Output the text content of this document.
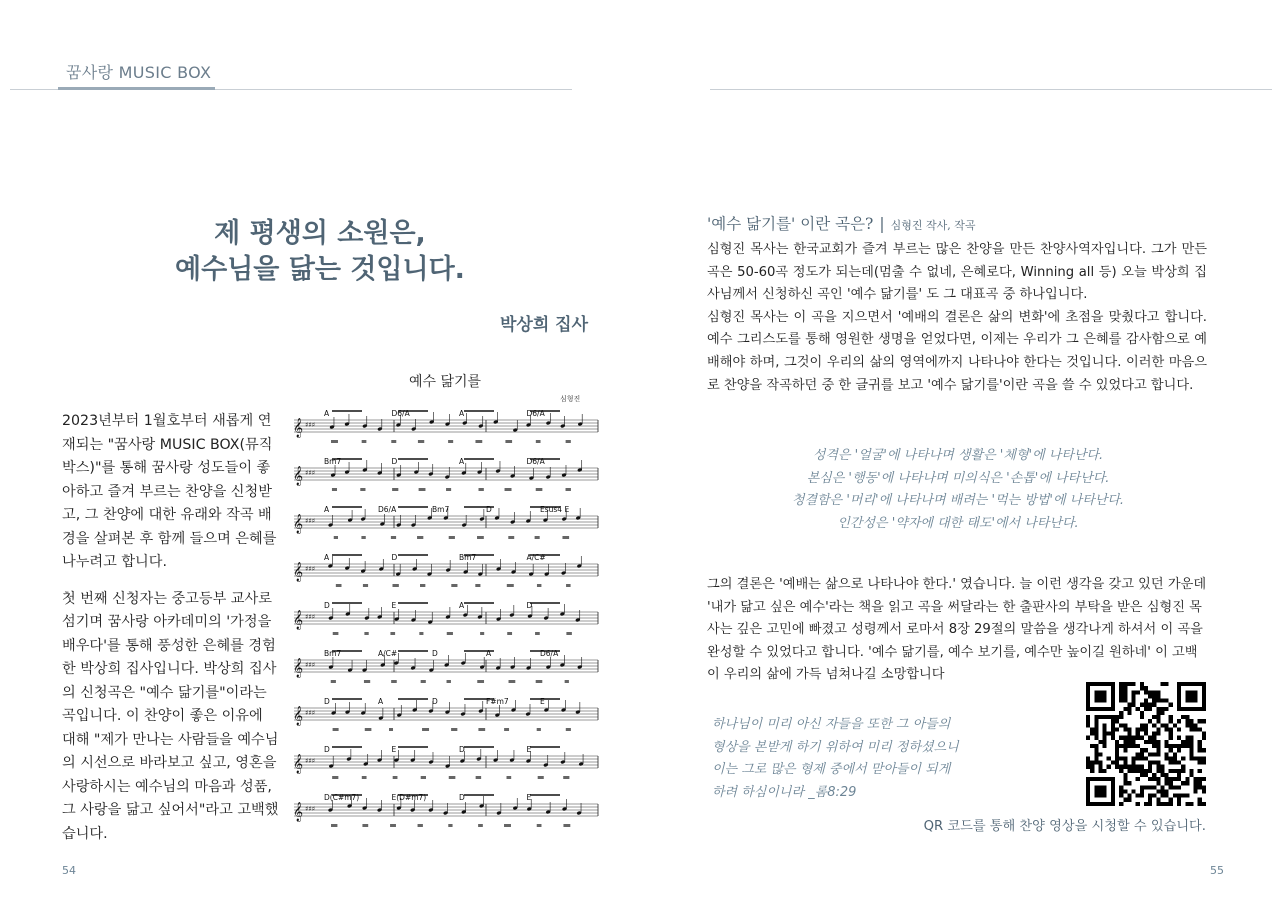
꿈사랑 MUSIC BOX
제 평생의 소원은,
예수님을 닮는 것입니다.
박상희 집사

2023년부터 1월호부터 새롭게 연재되는 "꿈사랑 MUSIC BOX(뮤직박스)"를 통해 꿈사랑 성도들이 좋아하고 즐겨 부르는 찬양을 신청받고, 그 찬양에 대한 유래와 작곡 배경을 살펴본 후 함께 들으며 은혜를 나누려고 합니다.

첫 번째 신청자는 중고등부 교사로 섬기며 꿈사랑 아카데미의 '가정을 배우다'를 통해 풍성한 은혜를 경험한 박상희 집사입니다. 박상희 집사의 신청곡은 "예수 닮기를"이라는 곡입니다. 이 찬양이 좋은 이유에 대해 "제가 만나는 사람들을 예수님의 시선으로 바라보고 싶고, 영혼을 사랑하시는 예수님의 마음과 성품, 그 사랑을 닮고 싶어서"라고 고백했습니다.

예수 닮기를
심형진
𝄞 ♯♯♯
A	D6/A	A	D6/A
𝄞 ♯♯♯
Bm7	D	A	D6/A
𝄞 ♯♯♯
A	D6/A	Bm7	D	Esus4 E
𝄞 ♯♯♯
A	D	Bm7	A/C#
𝄞 ♯♯♯
D	E	A	D
𝄞 ♯♯♯
Bm7	A/C#	D	A	D6/A
𝄞 ♯♯♯
D	A	D	F#m7	E
𝄞 ♯♯♯
D	E	D	E
𝄞 ♯♯♯
D(C#m7)	E(D#m7)	D	E
'예수 닮기를' 이란 곡은? | 심형진 작사, 작곡

심형진 목사는 한국교회가 즐겨 부르는 많은 찬양을 만든 찬양사역자입니다. 그가 만든 곡은 50-60곡 정도가 되는데(멈출 수 없네, 은혜로다, Winning all 등) 오늘 박상희 집사님께서 신청하신 곡인 '예수 닮기를' 도 그 대표곡 중 하나입니다.

심형진 목사는 이 곡을 지으면서 '예배의 결론은 삶의 변화'에 초점을 맞췄다고 합니다. 예수 그리스도를 통해 영원한 생명을 얻었다면, 이제는 우리가 그 은혜를 감사함으로 예배해야 하며, 그것이 우리의 삶의 영역에까지 나타나야 한다는 것입니다. 이러한 마음으로 찬양을 작곡하던 중 한 글귀를 보고 '예수 닮기를'이란 곡을 쓸 수 있었다고 합니다.

성격은 '얼굴'에 나타나며 생활은 '체형'에 나타난다.
본심은 '행동'에 나타나며 미의식은 '손톱'에 나타난다.
청결함은 '머리'에 나타나며 배려는 '먹는 방법'에 나타난다.
인간성은 '약자에 대한 태도'에서 나타난다.
그의 결론은 '예배는 삶으로 나타나야 한다.' 였습니다. 늘 이런 생각을 갖고 있던 가운데 '내가 닮고 싶은 예수'라는 책을 읽고 곡을 써달라는 한 출판사의 부탁을 받은 심형진 목사는 깊은 고민에 빠졌고 성령께서 로마서 8장 29절의 말씀을 생각나게 하셔서 이 곡을 완성할 수 있었다고 합니다. '예수 닮기를, 예수 보기를, 예수만 높이길 원하네' 이 고백이 우리의 삶에 가득 넘쳐나길 소망합니다
하나님이 미리 아신 자들을 또한 그 아들의
형상을 본받게 하기 위하여 미리 정하셨으니
이는 그로 많은 형제 중에서 맏아들이 되게
하려 하심이니라 _롬8:29
QR 코드를 통해 찬양 영상을 시청할 수 있습니다.
54	55
